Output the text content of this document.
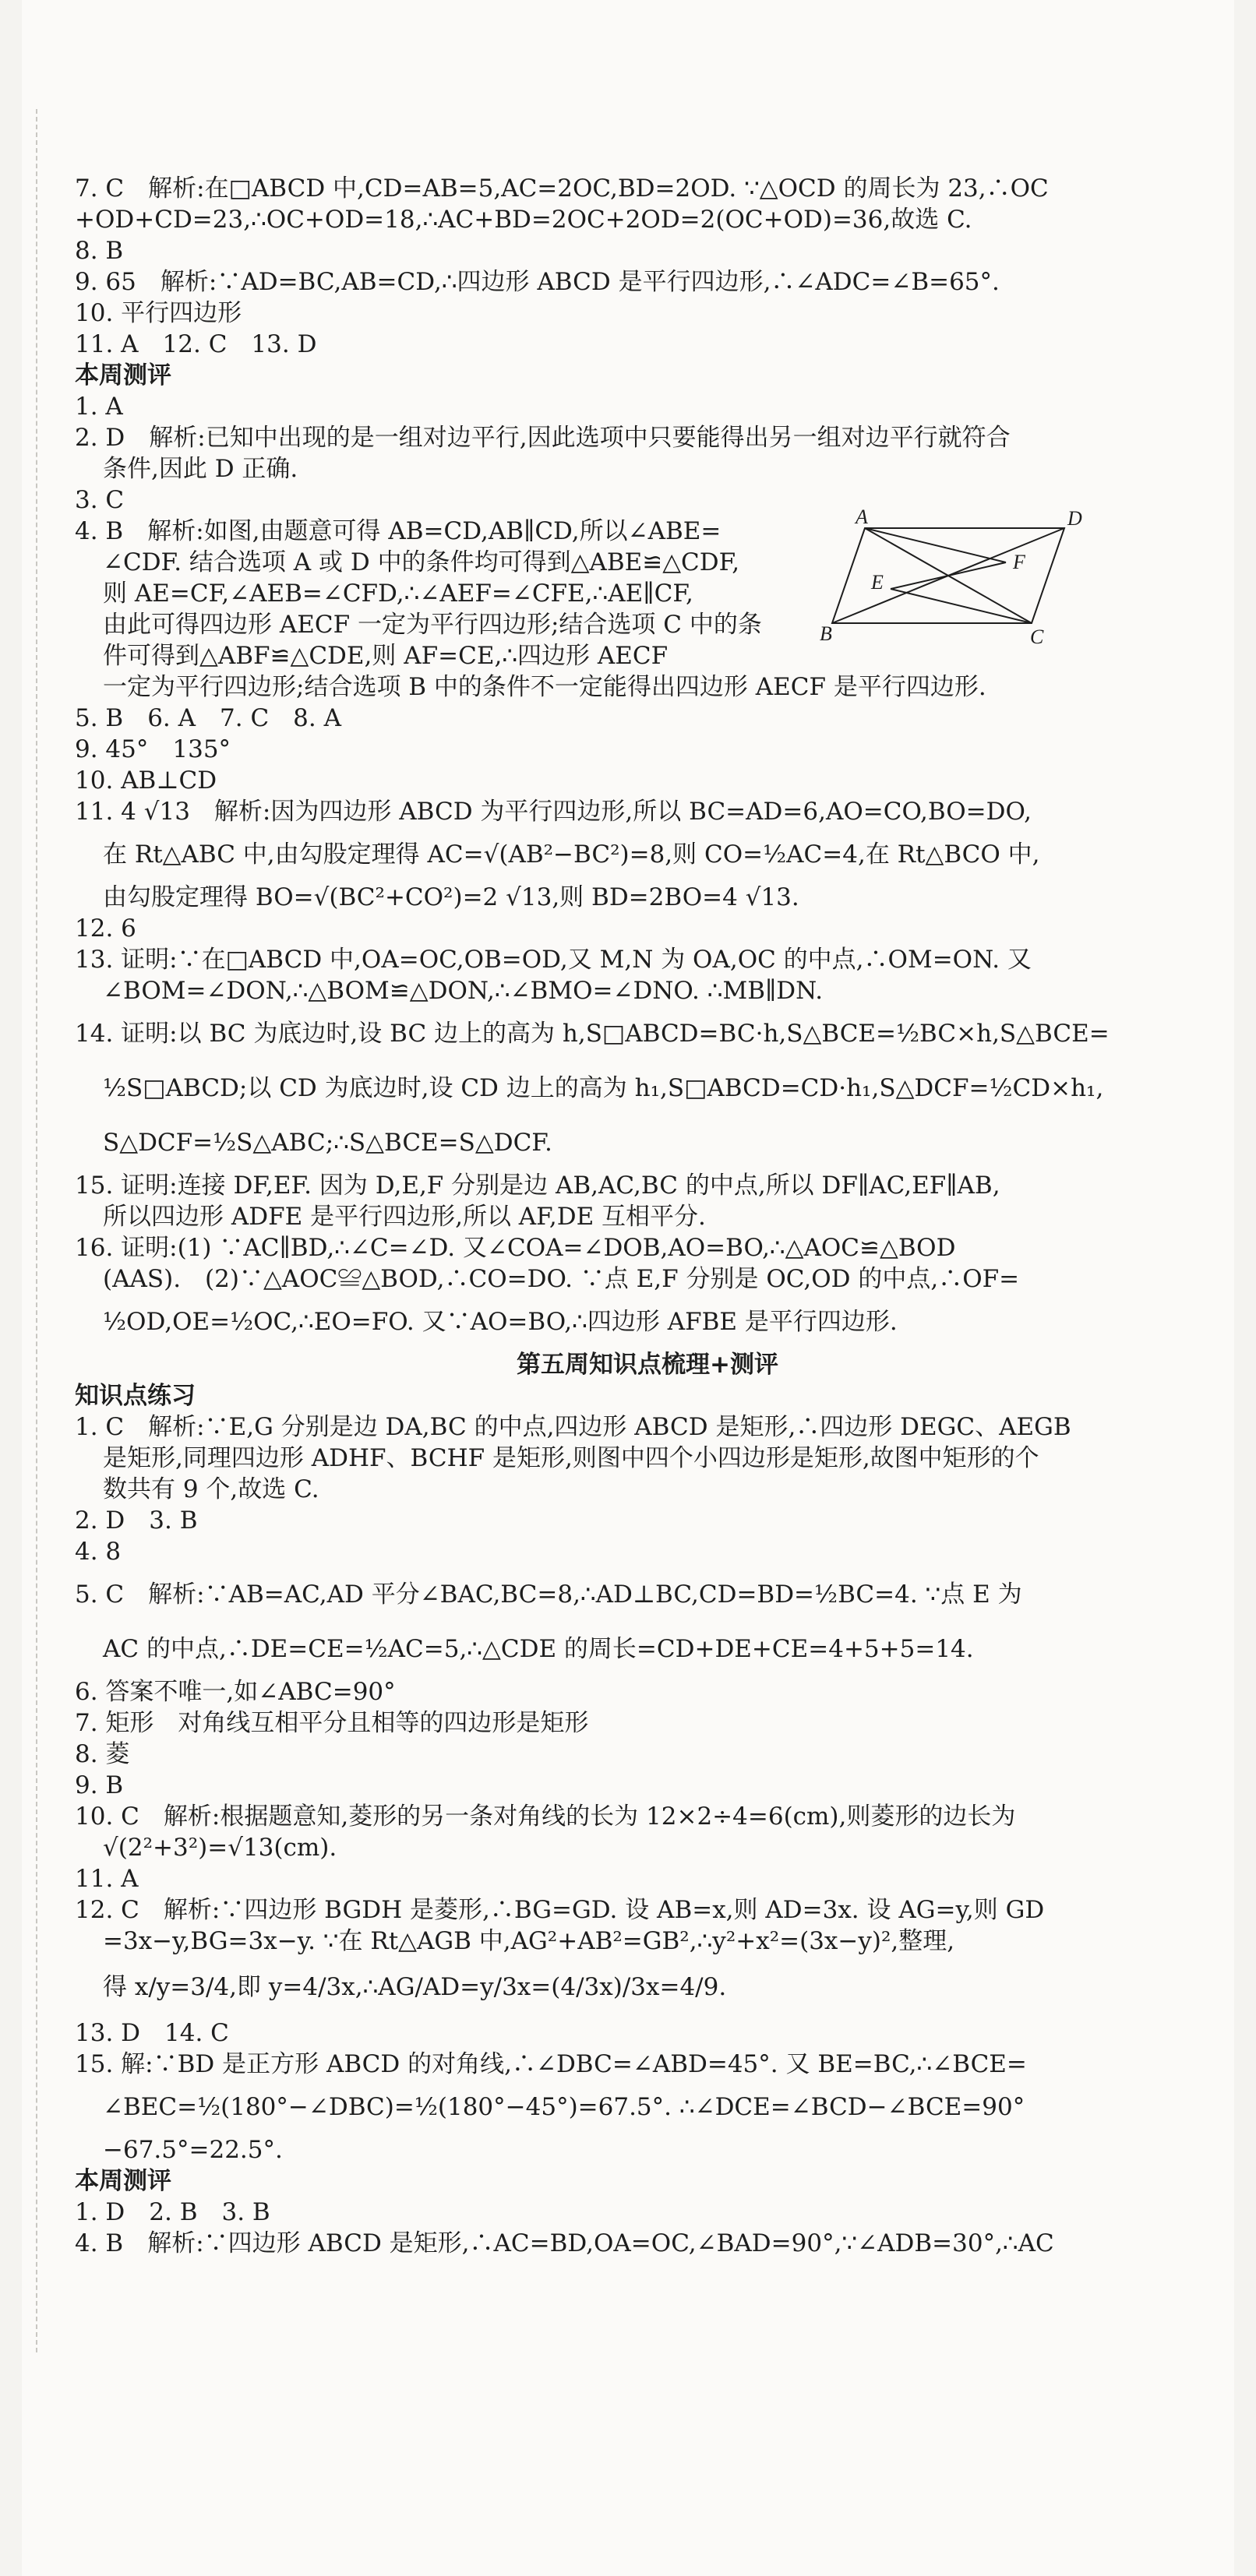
A	D
E
F
B	C
7. C　解析:在□ABCD 中,CD=AB=5,AC=2OC,BD=2OD. ∵△OCD 的周长为 23,∴OC
+OD+CD=23,∴OC+OD=18,∴AC+BD=2OC+2OD=2(OC+OD)=36,故选 C.
8. B
9. 65　解析:∵AD=BC,AB=CD,∴四边形 ABCD 是平行四边形,∴∠ADC=∠B=65°.
10. 平行四边形
11. A　12. C　13. D
本周测评
1. A
2. D　解析:已知中出现的是一组对边平行,因此选项中只要能得出另一组对边平行就符合
条件,因此 D 正确.
3. C
4. B　解析:如图,由题意可得 AB=CD,AB∥CD,所以∠ABE=
∠CDF. 结合选项 A 或 D 中的条件均可得到△ABE≌△CDF,
则 AE=CF,∠AEB=∠CFD,∴∠AEF=∠CFE,∴AE∥CF,
由此可得四边形 AECF 一定为平行四边形;结合选项 C 中的条
件可得到△ABF≌△CDE,则 AF=CE,∴四边形 AECF
一定为平行四边形;结合选项 B 中的条件不一定能得出四边形 AECF 是平行四边形.
5. B　6. A　7. C　8. A
9. 45°　135°
10. AB⊥CD
11. 4 √13　解析:因为四边形 ABCD 为平行四边形,所以 BC=AD=6,AO=CO,BO=DO,
在 Rt△ABC 中,由勾股定理得 AC=√(AB²−BC²)=8,则 CO=½AC=4,在 Rt△BCO 中,
由勾股定理得 BO=√(BC²+CO²)=2 √13,则 BD=2BO=4 √13.
12. 6
13. 证明:∵在□ABCD 中,OA=OC,OB=OD,又 M,N 为 OA,OC 的中点,∴OM=ON. 又
∠BOM=∠DON,∴△BOM≌△DON,∴∠BMO=∠DNO. ∴MB∥DN.
14. 证明:以 BC 为底边时,设 BC 边上的高为 h,S□ABCD=BC·h,S△BCE=½BC×h,S△BCE=
½S□ABCD;以 CD 为底边时,设 CD 边上的高为 h₁,S□ABCD=CD·h₁,S△DCF=½CD×h₁,
S△DCF=½S△ABC;∴S△BCE=S△DCF.
15. 证明:连接 DF,EF. 因为 D,E,F 分别是边 AB,AC,BC 的中点,所以 DF∥AC,EF∥AB,
所以四边形 ADFE 是平行四边形,所以 AF,DE 互相平分.
16. 证明:(1) ∵AC∥BD,∴∠C=∠D. 又∠COA=∠DOB,AO=BO,∴△AOC≌△BOD
(AAS).　(2)∵△AOC≌△BOD,∴CO=DO. ∵点 E,F 分别是 OC,OD 的中点,∴OF=
½OD,OE=½OC,∴EO=FO. 又∵AO=BO,∴四边形 AFBE 是平行四边形.
第五周知识点梳理+测评
知识点练习
1. C　解析:∵E,G 分别是边 DA,BC 的中点,四边形 ABCD 是矩形,∴四边形 DEGC、AEGB
是矩形,同理四边形 ADHF、BCHF 是矩形,则图中四个小四边形是矩形,故图中矩形的个
数共有 9 个,故选 C.
2. D　3. B
4. 8
5. C　解析:∵AB=AC,AD 平分∠BAC,BC=8,∴AD⊥BC,CD=BD=½BC=4. ∵点 E 为
AC 的中点,∴DE=CE=½AC=5,∴△CDE 的周长=CD+DE+CE=4+5+5=14.
6. 答案不唯一,如∠ABC=90°
7. 矩形　对角线互相平分且相等的四边形是矩形
8. 菱
9. B
10. C　解析:根据题意知,菱形的另一条对角线的长为 12×2÷4=6(cm),则菱形的边长为
√(2²+3²)=√13(cm).
11. A
12. C　解析:∵四边形 BGDH 是菱形,∴BG=GD. 设 AB=x,则 AD=3x. 设 AG=y,则 GD
=3x−y,BG=3x−y. ∵在 Rt△AGB 中,AG²+AB²=GB²,∴y²+x²=(3x−y)²,整理,
得 x/y=3/4,即 y=4/3x,∴AG/AD=y/3x=(4/3x)/3x=4/9.
13. D　14. C
15. 解:∵BD 是正方形 ABCD 的对角线,∴∠DBC=∠ABD=45°. 又 BE=BC,∴∠BCE=
∠BEC=½(180°−∠DBC)=½(180°−45°)=67.5°. ∴∠DCE=∠BCD−∠BCE=90°
−67.5°=22.5°.
本周测评
1. D　2. B　3. B
4. B　解析:∵四边形 ABCD 是矩形,∴AC=BD,OA=OC,∠BAD=90°,∵∠ADB=30°,∴AC
